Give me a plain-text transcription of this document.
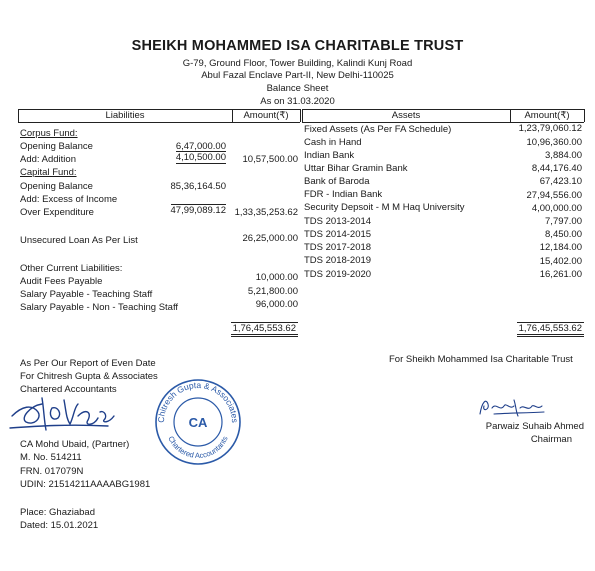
SHEIKH MOHAMMED ISA CHARITABLE TRUST
G-79, Ground Floor, Tower Building, Kalindi Kunj Road
Abul Fazal Enclave Part-II, New Delhi-110025
Balance Sheet
As on 31.03.2020
Liabilities	Amount(₹)	Assets	Amount(₹)
Corpus Fund:
Opening Balance	6,47,000.00
Add: Addition	4,10,500.00	10,57,500.00
Capital Fund:
Opening Balance	85,36,164.50
Add: Excess of Income
Over Expenditure	47,99,089.12 1,33,35,253.62
Unsecured Loan As Per List	26,25,000.00
Other Current Liabilities:
Audit Fees Payable	10,000.00
Salary Payable - Teaching Staff	5,21,800.00
Salary Payable - Non - Teaching Staff	96,000.00
1,76,45,553.62
Fixed Assets (As Per FA Schedule)	1,23,79,060.12
Cash in Hand	10,96,360.00
Indian Bank	3,884.00
Uttar Bihar Gramin Bank	8,44,176.40
Bank of Baroda	67,423.10
FDR - Indian Bank	27,94,556.00
Security Depsoit - M M Haq University	4,00,000.00
TDS 2013-2014	7,797.00
TDS 2014-2015	8,450.00
TDS 2017-2018	12,184.00
TDS 2018-2019	15,402.00
TDS 2019-2020	16,261.00
1,76,45,553.62
As Per Our Report of Even Date
For Chitresh Gupta & Associates
Chartered Accountants
Chitresh Gupta & Associates
Chartered Accountants
CA
CA Mohd Ubaid, (Partner)
M. No. 514211
FRN. 017079N
UDIN: 21514211AAAABG1981
Place: Ghaziabad
Dated: 15.01.2021
For Sheikh Mohammed Isa Charitable Trust
Parwaiz Suhaib Ahmed
Chairman
